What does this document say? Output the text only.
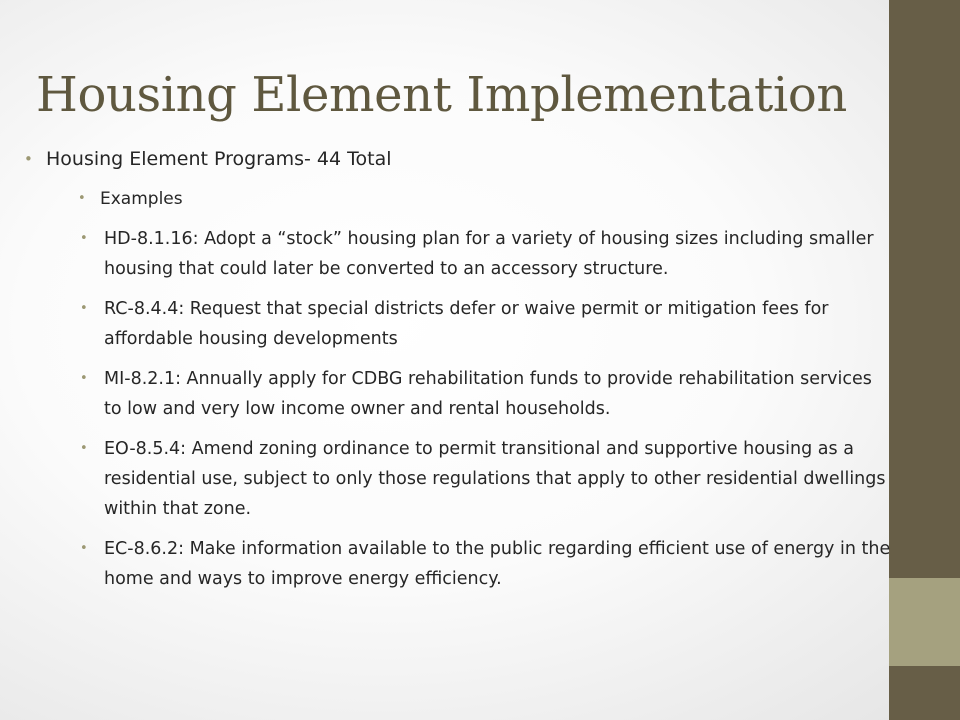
Housing Element Implementation
• Housing Element Programs- 44 Total
• Examples
• HD-8.1.16: Adopt a “stock” housing plan for a variety of housing sizes including smaller housing that could later be converted to an accessory structure.
• RC-8.4.4: Request that special districts defer or waive permit or mitigation fees for affordable housing developments
• MI-8.2.1: Annually apply for CDBG rehabilitation funds to provide rehabilitation services to low and very low income owner and rental households.
• EO-8.5.4: Amend zoning ordinance to permit transitional and supportive housing as a residential use, subject to only those regulations that apply to other residential dwellings within that zone.
• EC-8.6.2: Make information available to the public regarding efficient use of energy in the home and ways to improve energy efficiency.
